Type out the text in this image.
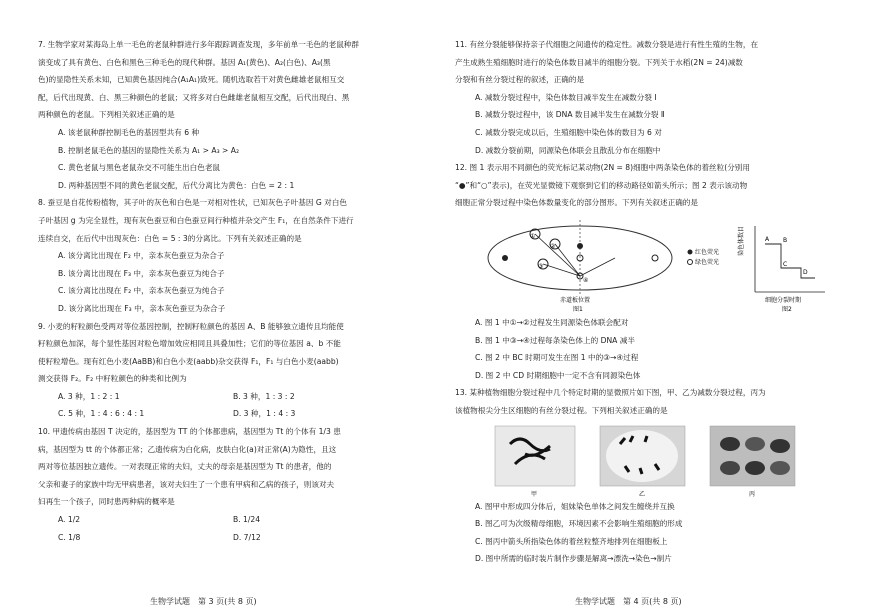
7. 生物学家对某海岛上单一毛色的老鼠种群进行多年跟踪调查发现，多年前单一毛色的老鼠种群

演变成了具有黄色、白色和黑色三种毛色的现代种群。基因 A₁(黄色)、A₂(白色)、A₃(黑

色)的显隐性关系未知，已知黄色基因纯合(A₁A₁)致死。随机选取若干对黄色雌雄老鼠相互交

配，后代出现黄、白、黑三种颜色的老鼠；又将多对白色雌雄老鼠相互交配，后代出现白、黑

两种颜色的老鼠。下列相关叙述正确的是

A. 该老鼠种群控制毛色的基因型共有 6 种

B. 控制老鼠毛色的基因的显隐性关系为 A₁ > A₃ > A₂

C. 黄色老鼠与黑色老鼠杂交不可能生出白色老鼠

D. 两种基因型不同的黄色老鼠交配，后代分离比为黄色：白色 = 2 : 1

8. 蚕豆是自花传粉植物，其子叶的灰色和白色是一对相对性状，已知灰色子叶基因 G 对白色

子叶基因 g 为完全显性，现有灰色蚕豆和白色蚕豆间行种植并杂交产生 F₁，在自然条件下进行

连续自交，在后代中出现灰色：白色 = 5 : 3的分离比。下列有关叙述正确的是

A. 该分离比出现在 F₂ 中，亲本灰色蚕豆为杂合子

B. 该分离比出现在 F₃ 中，亲本灰色蚕豆为纯合子

C. 该分离比出现在 F₂ 中，亲本灰色蚕豆为纯合子

D. 该分离比出现在 F₃ 中，亲本灰色蚕豆为杂合子

9. 小麦的籽粒颜色受两对等位基因控制，控制籽粒颜色的基因 A、B 能够独立遗传且均能使

籽粒颜色加深，每个显性基因对粒色增加效应相同且具叠加性；它们的等位基因 a、b 不能

使籽粒增色。现有红色小麦(AaBB)和白色小麦(aabb)杂交获得 F₁，F₁ 与白色小麦(aabb)

测交获得 F₂。F₂ 中籽粒颜色的种类和比例为

A. 3 种，1 : 2 : 1	B. 3 种，1 : 3 : 2
C. 5 种，1 : 4 : 6 : 4 : 1	D. 3 种，1 : 4 : 3

10. 甲遗传病由基因 T 决定的，基因型为 TT 的个体都患病，基因型为 Tt 的个体有 1/3 患

病，基因型为 tt 的个体都正常；乙遗传病为白化病，皮肤白化(a)对正常(A)为隐性，且这

两对等位基因独立遗传。一对表现正常的夫妇，丈夫的母亲是基因型为 Tt 的患者，他的

父亲和妻子的家族中均无甲病患者，该对夫妇生了一个患有甲病和乙病的孩子，则该对夫

妇再生一个孩子，同时患两种病的概率是

A. 1/2	B. 1/24
C. 1/8	D. 7/12
生物学试题　第 3 页(共 8 页)

11. 有丝分裂能够保持亲子代细胞之间遗传的稳定性。减数分裂是进行有性生殖的生物，在

产生成熟生殖细胞时进行的染色体数目减半的细胞分裂。下列关于水稻(2N = 24)减数

分裂和有丝分裂过程的叙述，正确的是

A. 减数分裂过程中，染色体数目减半发生在减数分裂 Ⅰ

B. 减数分裂过程中，该 DNA 数目减半发生在减数分裂 Ⅱ

C. 减数分裂完成以后，生殖细胞中染色体的数目为 6 对

D. 减数分裂前期，同源染色体联会且散乱分布在细胞中

12. 图 1 表示用不同颜色的荧光标记某动物(2N = 8)细胞中两条染色体的着丝粒(分别用

“●”和“○”表示)，在荧光显微镜下观察到它们的移动路径如箭头所示；图 2 表示该动物

细胞正常分裂过程中染色体数量变化的部分图形。下列有关叙述正确的是

①
②
③
④
红色荧光
绿色荧光
赤道板位置
图1
染色体数目	A B
C
D
细胞分裂时期
图2

A. 图 1 中①→②过程发生同源染色体联会配对

B. 图 1 中③→④过程每条染色体上的 DNA 减半

C. 图 2 中 BC 时期可发生在图 1 中的③→④过程

D. 图 2 中 CD 时期细胞中一定不含有同源染色体

13. 某种植物细胞分裂过程中几个特定时期的显微照片如下图，甲、乙为减数分裂过程，丙为

该植物根尖分生区细胞的有丝分裂过程。下列相关叙述正确的是

甲	乙	丙

A. 图甲中形成四分体后，姐妹染色单体之间发生缠绕并互换

B. 图乙可为次级精母细胞，环境因素不会影响生殖细胞的形成

C. 图丙中箭头所指染色体的着丝粒整齐地排列在细胞板上

D. 图中所需的临时装片制作步骤是解离→漂洗→染色→制片

生物学试题　第 4 页(共 8 页)
